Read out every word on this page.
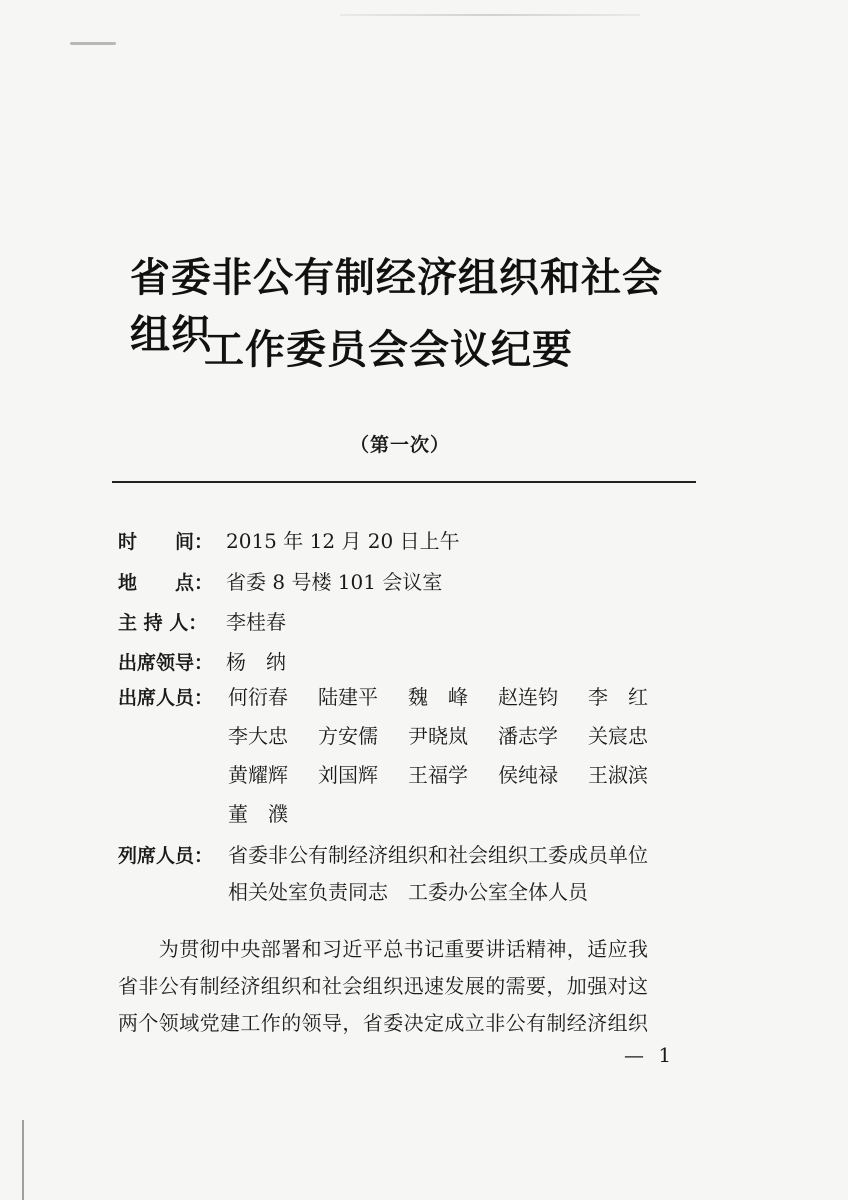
省委非公有制经济组织和社会组织
工作委员会会议纪要
（第一次）
时　　间： 2015 年 12 月 20 日上午
地　　点： 省委 8 号楼 101 会议室
主 持 人： 李桂春
出席领导： 杨　纳
出席人员： 何衍春 陆建平 魏　峰 赵连钧 李　红
李大忠 方安儒 尹晓岚 潘志学 关宸忠
黄耀辉 刘国辉 王福学 侯纯禄 王淑滨
董　濮
列席人员： 省委非公有制经济组织和社会组织工委成员单位
相关处室负责同志　工委办公室全体人员
　　为贯彻中央部署和习近平总书记重要讲话精神，适应我
省非公有制经济组织和社会组织迅速发展的需要，加强对这
两个领域党建工作的领导，省委决定成立非公有制经济组织
— 1
